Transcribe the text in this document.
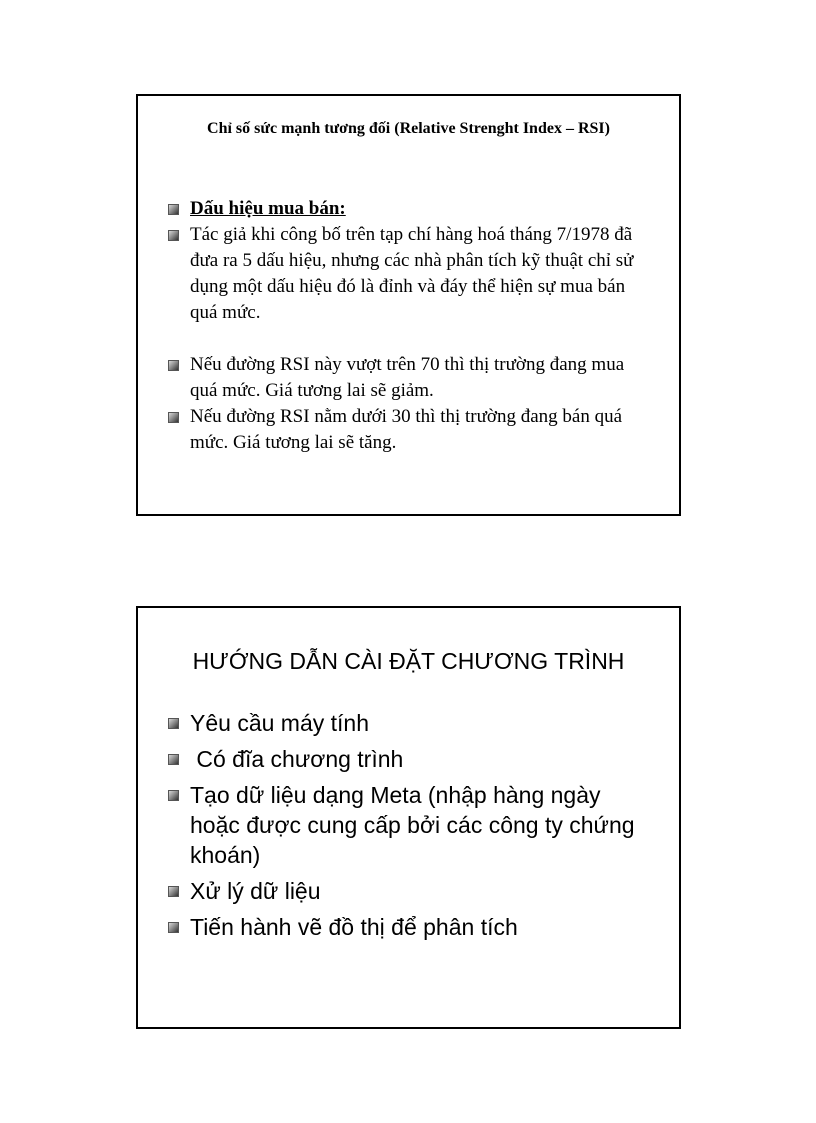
Chỉ số sức mạnh tương đối (Relative Strenght Index – RSI)
Dấu hiệu mua bán:
Tác giả khi công bố trên tạp chí hàng hoá tháng 7/1978 đã đưa ra 5 dấu hiệu, nhưng các nhà phân tích kỹ thuật chỉ sử dụng một dấu hiệu đó là đỉnh và đáy thể hiện sự mua bán quá mức.
Nếu đường RSI này vượt trên 70 thì thị trường đang mua quá mức. Giá tương lai sẽ giảm.
Nếu đường RSI nằm dưới 30 thì thị trường đang bán quá mức. Giá tương lai sẽ tăng.
HƯỚNG DẪN CÀI ĐẶT CHƯƠNG TRÌNH
Yêu cầu máy tính
Có đĩa chương trình
Tạo dữ liệu dạng Meta (nhập hàng ngày hoặc được cung cấp bởi các công ty chứng khoán)
Xử lý dữ liệu
Tiến hành vẽ đồ thị để phân tích
